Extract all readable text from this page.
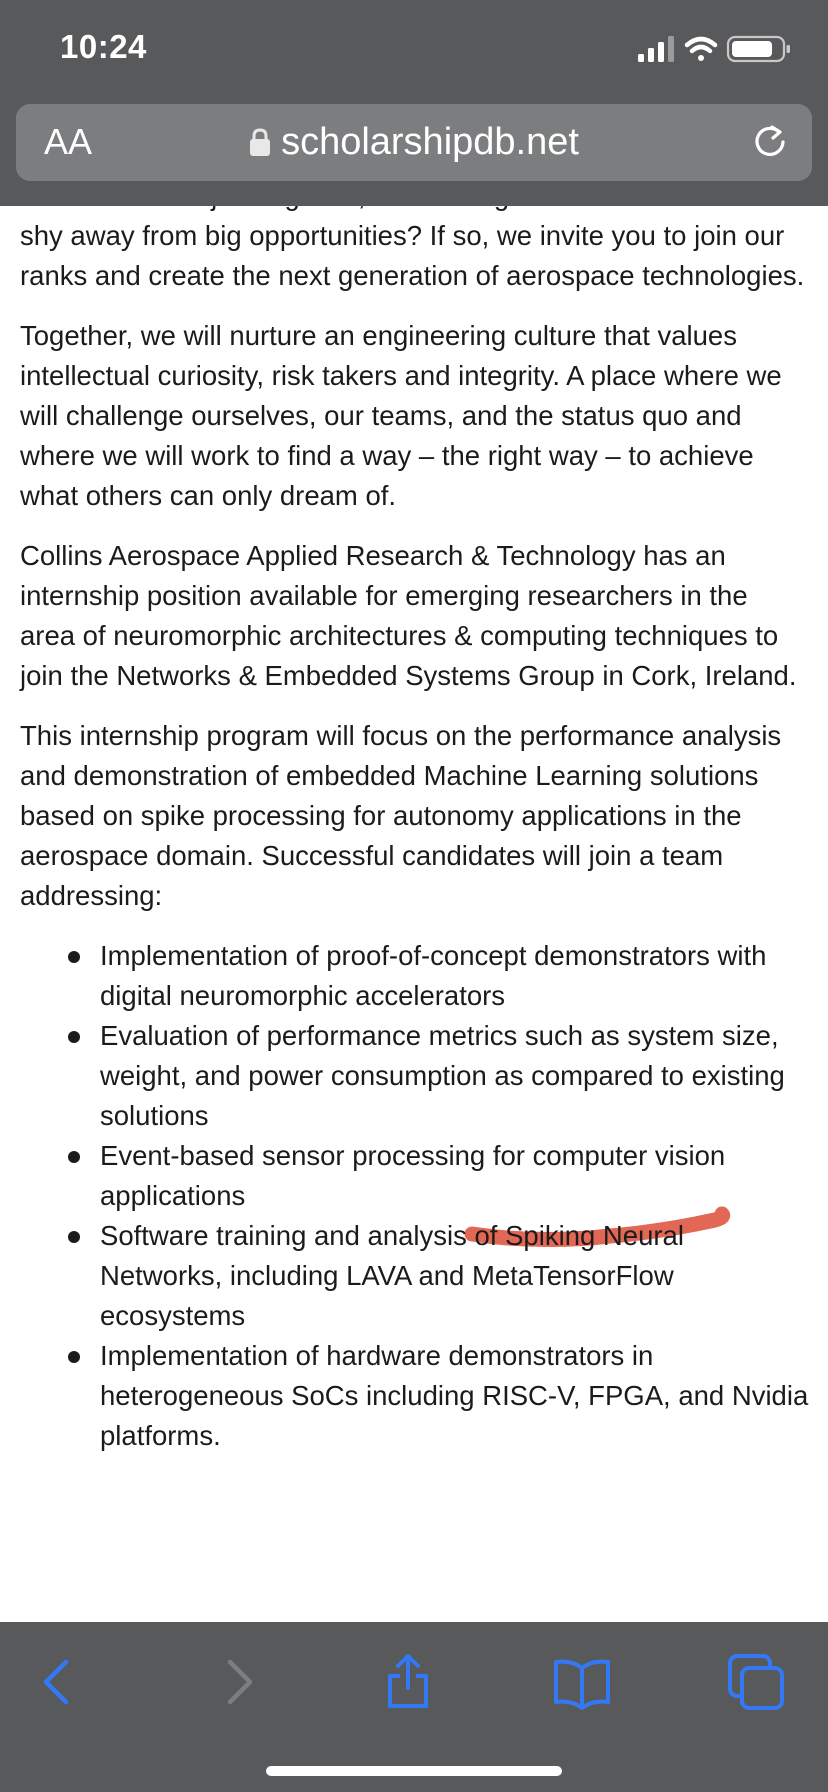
10:24
AA	scholarshipdb.net

shy away from big opportunities? If so, we invite you to join our ranks and create the next generation of aerospace technologies.

Together, we will nurture an engineering culture that values intellectual curiosity, risk takers and integrity. A place where we will challenge ourselves, our teams, and the status quo and where we will work to find a way – the right way – to achieve what others can only dream of.

Collins Aerospace Applied Research & Technology has an internship position available for emerging researchers in the area of neuromorphic architectures & computing techniques to join the Networks & Embedded Systems Group in Cork, Ireland.

This internship program will focus on the performance analysis and demonstration of embedded Machine Learning solutions based on spike processing for autonomy applications in the aerospace domain. Successful candidates will join a team addressing:

Implementation of proof-of-concept demonstrators with digital neuromorphic accelerators
Evaluation of performance metrics such as system size, weight, and power consumption as compared to existing solutions
Event-based sensor processing for computer vision applications
Software training and analysis of Spiking Neural Networks, including LAVA and MetaTensorFlow ecosystems
Implementation of hardware demonstrators in heterogeneous SoCs including RISC-V, FPGA, and Nvidia platforms.
